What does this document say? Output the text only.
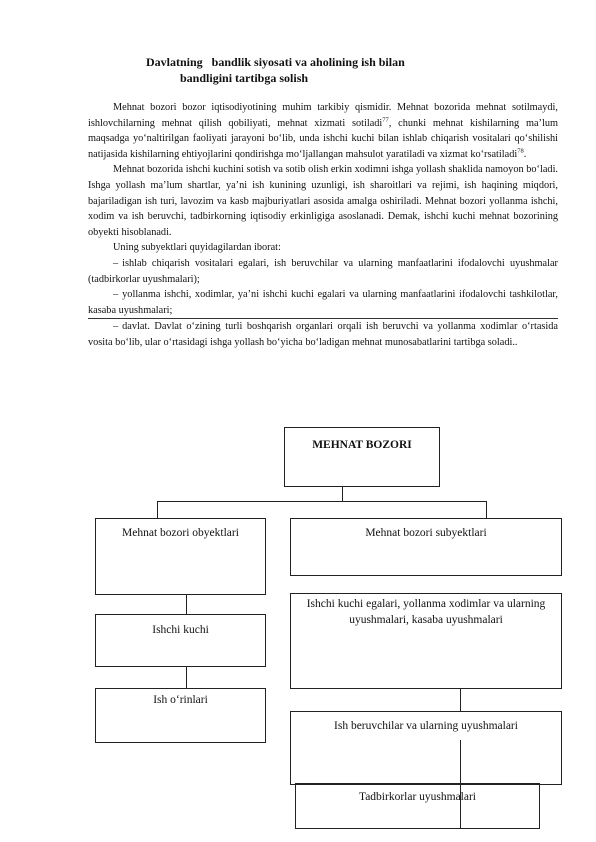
Davlatning   bandlik siyosati va aholining ish bilan
bandligini tartibga solish

Mehnat bozori bozor iqtisodiyotining muhim tarkibiy qismidir. Mehnat bozorida mehnat sotilmaydi, ishlovchilarning mehnat qilish qobiliyati, mehnat xizmati sotiladi$^{77}$, chunki mehnat kishilarning ma’lum maqsadga yo‘naltirilgan faoliyati jarayoni bo‘lib, unda ishchi kuchi bilan ishlab chiqarish vositalari qo‘shilishi natijasida kishilarning ehtiyojlarini qondirishga mo‘ljallangan mahsulot yaratiladi va xizmat ko‘rsatiladi$^{78}$.

Mehnat bozorida ishchi kuchini sotish va sotib olish erkin xodimni ishga yollash shaklida namoyon bo‘ladi. Ishga yollash ma’lum shartlar, ya’ni ish kunining uzunligi, ish sharoitlari va rejimi, ish haqining miqdori, bajariladigan ish turi, lavozim va kasb majburiyatlari asosida amalga oshiriladi. Mehnat bozori yollanma ishchi, xodim va ish beruvchi, tadbirkorning iqtisodiy erkinligiga asoslanadi. Demak, ishchi kuchi mehnat bozorining obyekti hisoblanadi.

Uning subyektlari quyidagilardan iborat:

– ishlab chiqarish vositalari egalari, ish beruvchilar va ularning manfaatlarini ifodalovchi uyushmalar (tadbirkorlar uyushmalari);

– yollanma ishchi, xodimlar, ya’ni ishchi kuchi egalari va ularning manfaatlarini ifodalovchi tashkilotlar, kasaba uyushmalari;

– davlat. Davlat o‘zining turli boshqarish organlari orqali ish beruvchi va yollanma xodimlar o‘rtasida vosita bo‘lib, ular o‘rtasidagi ishga yollash bo‘yicha bo‘ladigan mehnat munosabatlarini tartibga soladi..

MEHNAT BOZORI
Mehnat bozori obyektlari	Mehnat bozori subyektlari
Ishchi kuchi
Ish o‘rinlari
Ishchi kuchi egalari, yollanma xodimlar va ularning uyushmalari, kasaba uyushmalari
Ish beruvchilar va ularning uyushmalari
Tadbirkorlar uyushmalari
